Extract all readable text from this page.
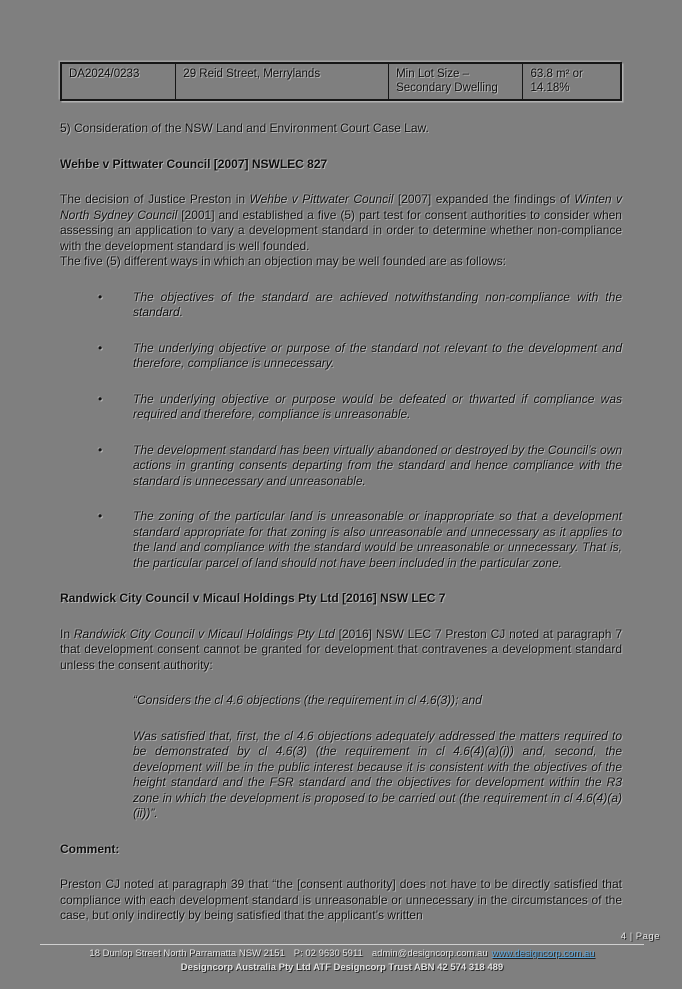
DA2024/0233	29 Reid Street, Merrylands	Min Lot Size – Secondary Dwelling	63.8 m² or 14.18%
5) Consideration of the NSW Land and Environment Court Case Law.
Wehbe v Pittwater Council [2007] NSWLEC 827
The decision of Justice Preston in Wehbe v Pittwater Council [2007] expanded the findings of Winten v North Sydney Council [2001] and established a five (5) part test for consent authorities to consider when assessing an application to vary a development standard in order to determine whether non-compliance with the development standard is well founded.
The five (5) different ways in which an objection may be well founded are as follows:
• The objectives of the standard are achieved notwithstanding non-compliance with the standard.
• The underlying objective or purpose of the standard not relevant to the development and therefore, compliance is unnecessary.
• The underlying objective or purpose would be defeated or thwarted if compliance was required and therefore, compliance is unreasonable.
• The development standard has been virtually abandoned or destroyed by the Council’s own actions in granting consents departing from the standard and hence compliance with the standard is unnecessary and unreasonable.
• The zoning of the particular land is unreasonable or inappropriate so that a development standard appropriate for that zoning is also unreasonable and unnecessary as it applies to the land and compliance with the standard would be unreasonable or unnecessary. That is, the particular parcel of land should not have been included in the particular zone.
Randwick City Council v Micaul Holdings Pty Ltd [2016] NSW LEC 7
In Randwick City Council v Micaul Holdings Pty Ltd [2016] NSW LEC 7 Preston CJ noted at paragraph 7 that development consent cannot be granted for development that contravenes a development standard unless the consent authority:
“Considers the cl 4.6 objections (the requirement in cl 4.6(3)); and
Was satisfied that, first, the cl 4.6 objections adequately addressed the matters required to be demonstrated by cl 4.6(3) (the requirement in cl 4.6(4)(a)(i)) and, second, the development will be in the public interest because it is consistent with the objectives of the height standard and the FSR standard and the objectives for development within the R3 zone in which the development is proposed to be carried out (the requirement in cl 4.6(4)(a)(ii))”.
Comment:
Preston CJ noted at paragraph 39 that “the [consent authority] does not have to be directly satisfied that compliance with each development standard is unreasonable or unnecessary in the circumstances of the case, but only indirectly by being satisfied that the applicant’s written
4 | Page
18 Dunlop Street North Parramatta NSW 2151 P: 02 9630 5911 admin@designcorp.com.au www.designcorp.com.au
Designcorp Australia Pty Ltd ATF Designcorp Trust ABN 42 574 318 489
